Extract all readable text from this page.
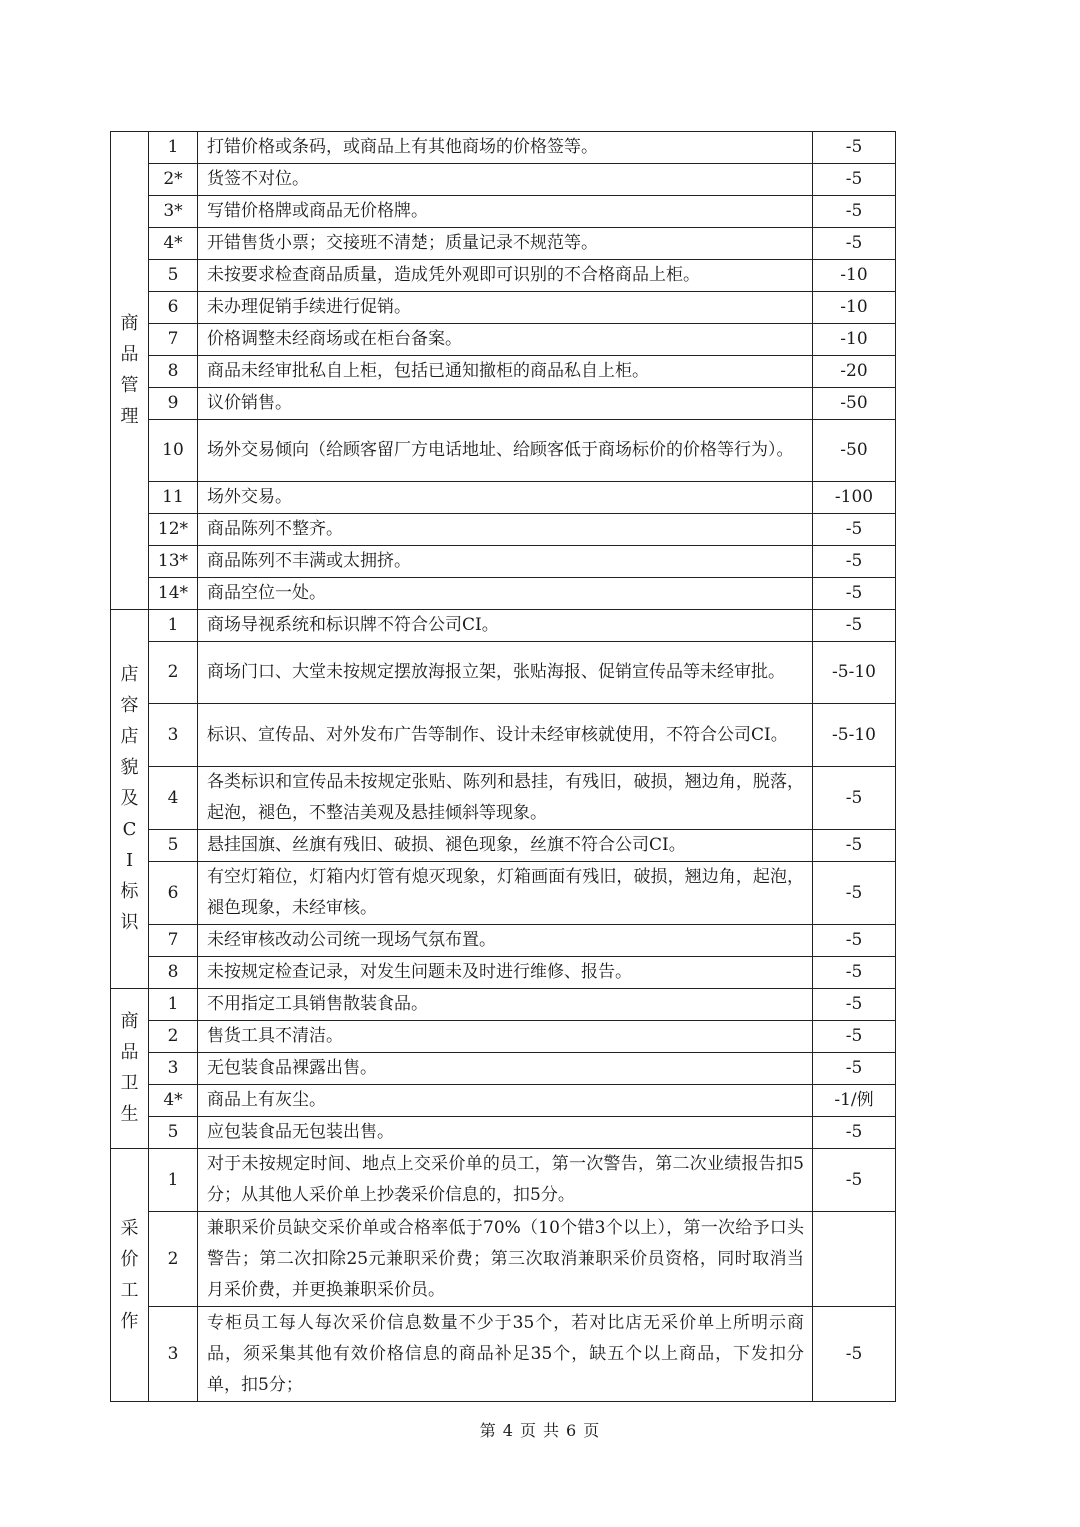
商品管理	1	打错价格或条码，或商品上有其他商场的价格签等。	-5
	2*	货签不对位。	-5
	3*	写错价格牌或商品无价格牌。	-5
	4*	开错售货小票；交接班不清楚；质量记录不规范等。	-5
	5	未按要求检查商品质量，造成凭外观即可识别的不合格商品上柜。	-10
	6	未办理促销手续进行促销。	-10
	7	价格调整未经商场或在柜台备案。	-10
	8	商品未经审批私自上柜，包括已通知撤柜的商品私自上柜。	-20
	9	议价销售。	-50
	10	场外交易倾向（给顾客留厂方电话地址、给顾客低于商场标价的价格等行为）。	-50
	11	场外交易。	-100
	12*	商品陈列不整齐。	-5
	13*	商品陈列不丰满或太拥挤。	-5
	14*	商品空位一处。	-5
店容店貌及CI标识	1	商场导视系统和标识牌不符合公司CI。	-5
	2	商场门口、大堂未按规定摆放海报立架，张贴海报、促销宣传品等未经审批。	-5-10
	3	标识、宣传品、对外发布广告等制作、设计未经审核就使用，不符合公司CI。	-5-10
	4	各类标识和宣传品未按规定张贴、陈列和悬挂，有残旧，破损，翘边角，脱落，起泡，褪色，不整洁美观及悬挂倾斜等现象。	-5
	5	悬挂国旗、丝旗有残旧、破损、褪色现象，丝旗不符合公司CI。	-5
	6	有空灯箱位，灯箱内灯管有熄灭现象，灯箱画面有残旧，破损，翘边角，起泡，褪色现象，未经审核。	-5
	7	未经审核改动公司统一现场气氛布置。	-5
	8	未按规定检查记录，对发生问题未及时进行维修、报告。	-5
商品卫生	1	不用指定工具销售散装食品。	-5
	2	售货工具不清洁。	-5
	3	无包装食品裸露出售。	-5
	4*	商品上有灰尘。	-1/例
	5	应包装食品无包装出售。	-5
采价工作	1	对于未按规定时间、地点上交采价单的员工，第一次警告，第二次业绩报告扣5分；从其他人采价单上抄袭采价信息的，扣5分。	-5
	2	兼职采价员缺交采价单或合格率低于70%（10个错3个以上），第一次给予口头警告；第二次扣除25元兼职采价费；第三次取消兼职采价员资格，同时取消当月采价费，并更换兼职采价员。	
	3	专柜员工每人每次采价信息数量不少于35个，若对比店无采价单上所明示商品，须采集其他有效价格信息的商品补足35个，缺五个以上商品，下发扣分单，扣5分；	-5
第 4 页 共 6 页
